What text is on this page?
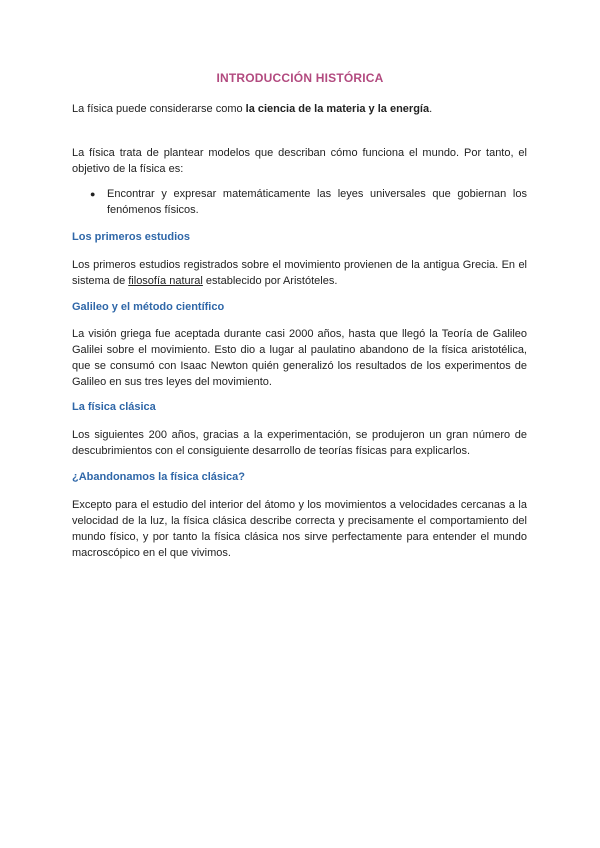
INTRODUCCIÓN HISTÓRICA
La física puede considerarse como la ciencia de la materia y la energía.
La física trata de plantear modelos que describan cómo funciona el mundo. Por tanto, el objetivo de la física es:
● Encontrar y expresar matemáticamente las leyes universales que gobiernan los fenómenos físicos.
Los primeros estudios
Los primeros estudios registrados sobre el movimiento provienen de la antigua Grecia. En el sistema de filosofía natural establecido por Aristóteles.
Galileo y el método científico
La visión griega fue aceptada durante casi 2000 años, hasta que llegó la Teoría de Galileo Galilei sobre el movimiento. Esto dio a lugar al paulatino abandono de la física aristotélica, que se consumó con Isaac Newton quién generalizó los resultados de los experimentos de Galileo en sus tres leyes del movimiento.
La física clásica
Los siguientes 200 años, gracias a la experimentación, se produjeron un gran número de descubrimientos con el consiguiente desarrollo de teorías físicas para explicarlos.
¿Abandonamos la física clásica?
Excepto para el estudio del interior del átomo y los movimientos a velocidades cercanas a la velocidad de la luz, la física clásica describe correcta y precisamente el comportamiento del mundo físico, y por tanto la física clásica nos sirve perfectamente para entender el mundo macroscópico en el que vivimos.
